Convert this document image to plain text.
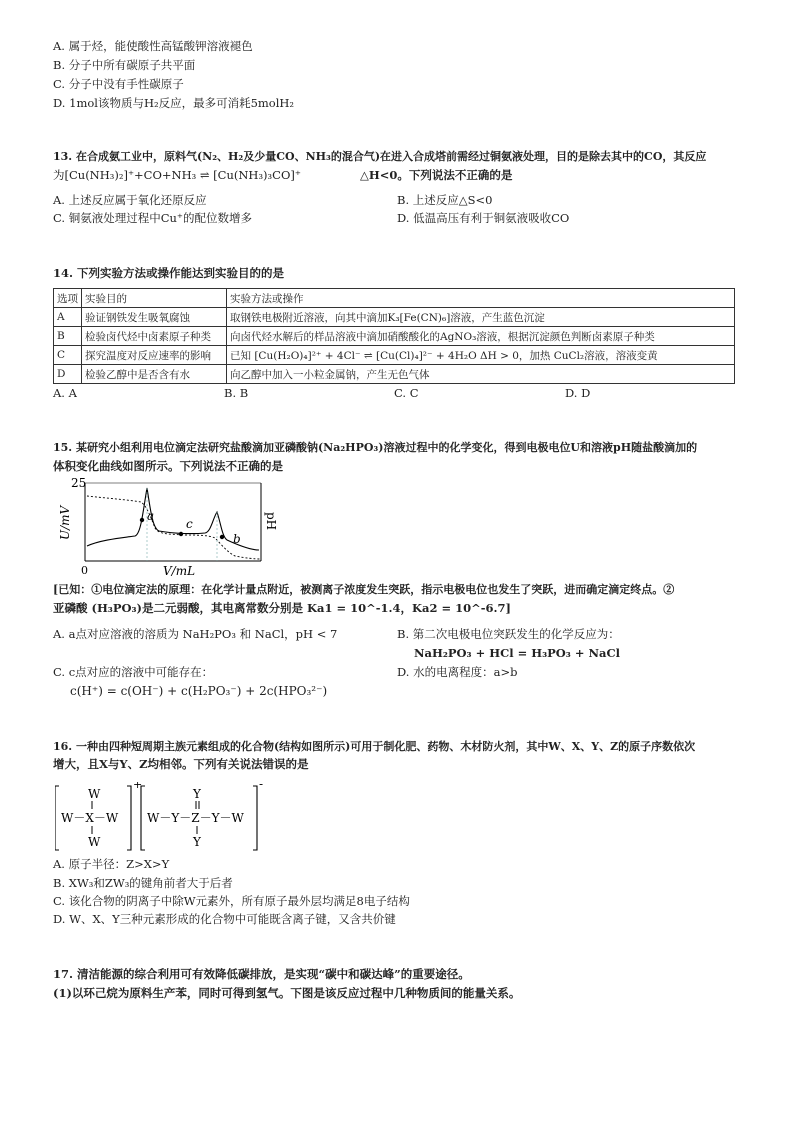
A. 属于烃，能使酸性高锰酸钾溶液褪色
B. 分子中所有碳原子共平面
C. 分子中没有手性碳原子
D. 1mol该物质与H₂反应，最多可消耗5molH₂
13. 在合成氨工业中，原料气(N₂、H₂及少量CO、NH₃的混合气)在进入合成塔前需经过铜氨液处理，目的是除去其中的CO，其反应
为[Cu(NH₃)₂]⁺+CO+NH₃ ⇌ [Cu(NH₃)₃CO]⁺	△H<0。下列说法不正确的是
A. 上述反应属于氧化还原反应	B. 上述反应△S<0
C. 铜氨液处理过程中Cu⁺的配位数增多	D. 低温高压有利于铜氨液吸收CO
14. 下列实验方法或操作能达到实验目的的是
选项	实验目的	实验方法或操作
A	验证钢铁发生吸氧腐蚀	取钢铁电极附近溶液，向其中滴加K₃[Fe(CN)₆]溶液，产生蓝色沉淀
B	检验卤代烃中卤素原子种类	向卤代烃水解后的样品溶液中滴加硝酸酸化的AgNO₃溶液，根据沉淀颜色判断卤素原子种类
C	探究温度对反应速率的影响	已知 [Cu(H₂O)₄]²⁺ + 4Cl⁻ ⇌ [Cu(Cl)₄]²⁻ + 4H₂O ΔH > 0，加热 CuCl₂溶液，溶液变黄
D	检验乙醇中是否含有水	向乙醇中加入一小粒金属钠，产生无色气体
A. A	B. B	C. C	D. D
15. 某研究小组利用电位滴定法研究盐酸滴加亚磷酸钠(Na₂HPO₃)溶液过程中的化学变化，得到电极电位U和溶液pH随盐酸滴加的
体积变化曲线如图所示。下列说法不正确的是
a
c
b
25
0	V/mL
U/mV	pH
[已知：①电位滴定法的原理：在化学计量点附近，被测离子浓度发生突跃，指示电极电位也发生了突跃，进而确定滴定终点。②
亚磷酸 (H₃PO₃)是二元弱酸，其电离常数分别是 Ka1 = 10^-1.4，Ka2 = 10^-6.7]
A. a点对应溶液的溶质为 NaH₂PO₃ 和 NaCl，pH < 7	B. 第二次电极电位突跃发生的化学反应为：
NaH₂PO₃ + HCl = H₃PO₃ + NaCl
C. c点对应的溶液中可能存在：
c(H⁺) = c(OH⁻) + c(H₂PO₃⁻) + 2c(HPO₃²⁻)
D. 水的电离程度：a>b
16. 一种由四种短周期主族元素组成的化合物(结构如图所示)可用于制化肥、药物、木材防火剂，其中W、X、Y、Z的原子序数依次
增大，且X与Y、Z均相邻。下列有关说法错误的是
W
W－X－W
W
+
Y
W－Y－Z－Y－W
Y
-
A. 原子半径：Z>X>Y
B. XW₃和ZW₃的键角前者大于后者
C. 该化合物的阴离子中除W元素外，所有原子最外层均满足8电子结构
D. W、X、Y三种元素形成的化合物中可能既含离子键，又含共价键
17. 清洁能源的综合利用可有效降低碳排放，是实现“碳中和碳达峰”的重要途径。
(1)以环己烷为原料生产苯，同时可得到氢气。下图是该反应过程中几种物质间的能量关系。
